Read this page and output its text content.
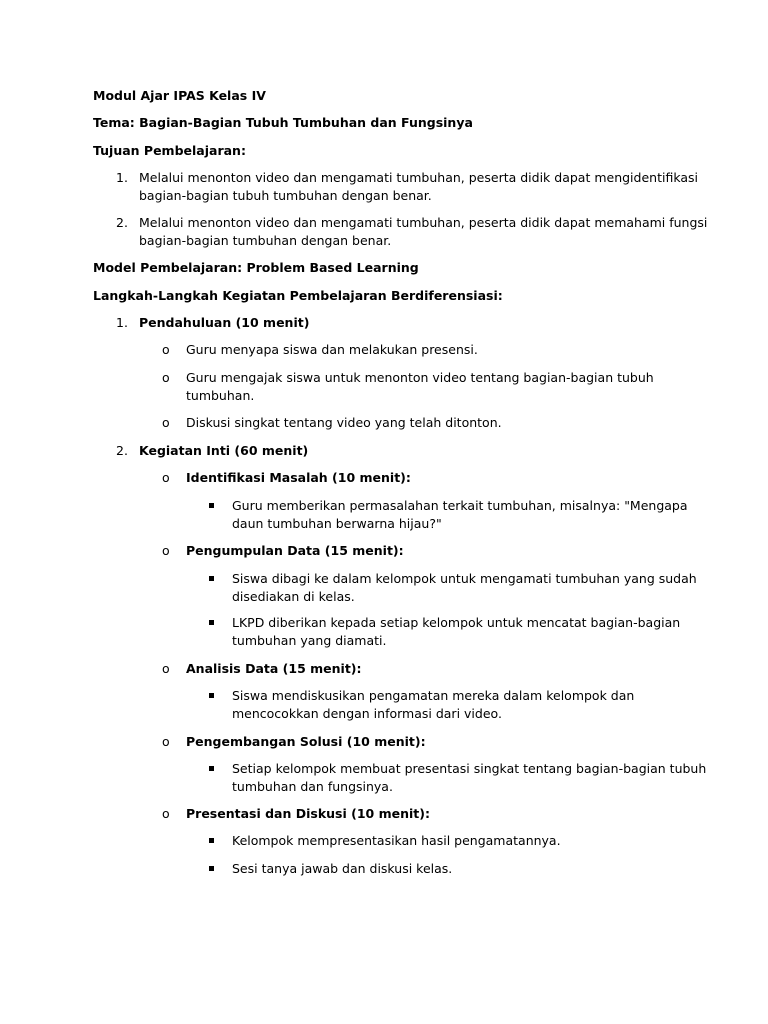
Modul Ajar IPAS Kelas IV
Tema: Bagian-Bagian Tubuh Tumbuhan dan Fungsinya
Tujuan Pembelajaran:
1. Melalui menonton video dan mengamati tumbuhan, peserta didik dapat mengidentifikasi
bagian-bagian tubuh tumbuhan dengan benar.
2. Melalui menonton video dan mengamati tumbuhan, peserta didik dapat memahami fungsi
bagian-bagian tumbuhan dengan benar.
Model Pembelajaran: Problem Based Learning
Langkah-Langkah Kegiatan Pembelajaran Berdiferensiasi:
1. Pendahuluan (10 menit)
o Guru menyapa siswa dan melakukan presensi.
o Guru mengajak siswa untuk menonton video tentang bagian-bagian tubuh
tumbuhan.
o Diskusi singkat tentang video yang telah ditonton.
2. Kegiatan Inti (60 menit)
o Identifikasi Masalah (10 menit):
Guru memberikan permasalahan terkait tumbuhan, misalnya: "Mengapa
daun tumbuhan berwarna hijau?"
o Pengumpulan Data (15 menit):
Siswa dibagi ke dalam kelompok untuk mengamati tumbuhan yang sudah
disediakan di kelas.
LKPD diberikan kepada setiap kelompok untuk mencatat bagian-bagian
tumbuhan yang diamati.
o Analisis Data (15 menit):
Siswa mendiskusikan pengamatan mereka dalam kelompok dan
mencocokkan dengan informasi dari video.
o Pengembangan Solusi (10 menit):
Setiap kelompok membuat presentasi singkat tentang bagian-bagian tubuh
tumbuhan dan fungsinya.
o Presentasi dan Diskusi (10 menit):
Kelompok mempresentasikan hasil pengamatannya.
Sesi tanya jawab dan diskusi kelas.
